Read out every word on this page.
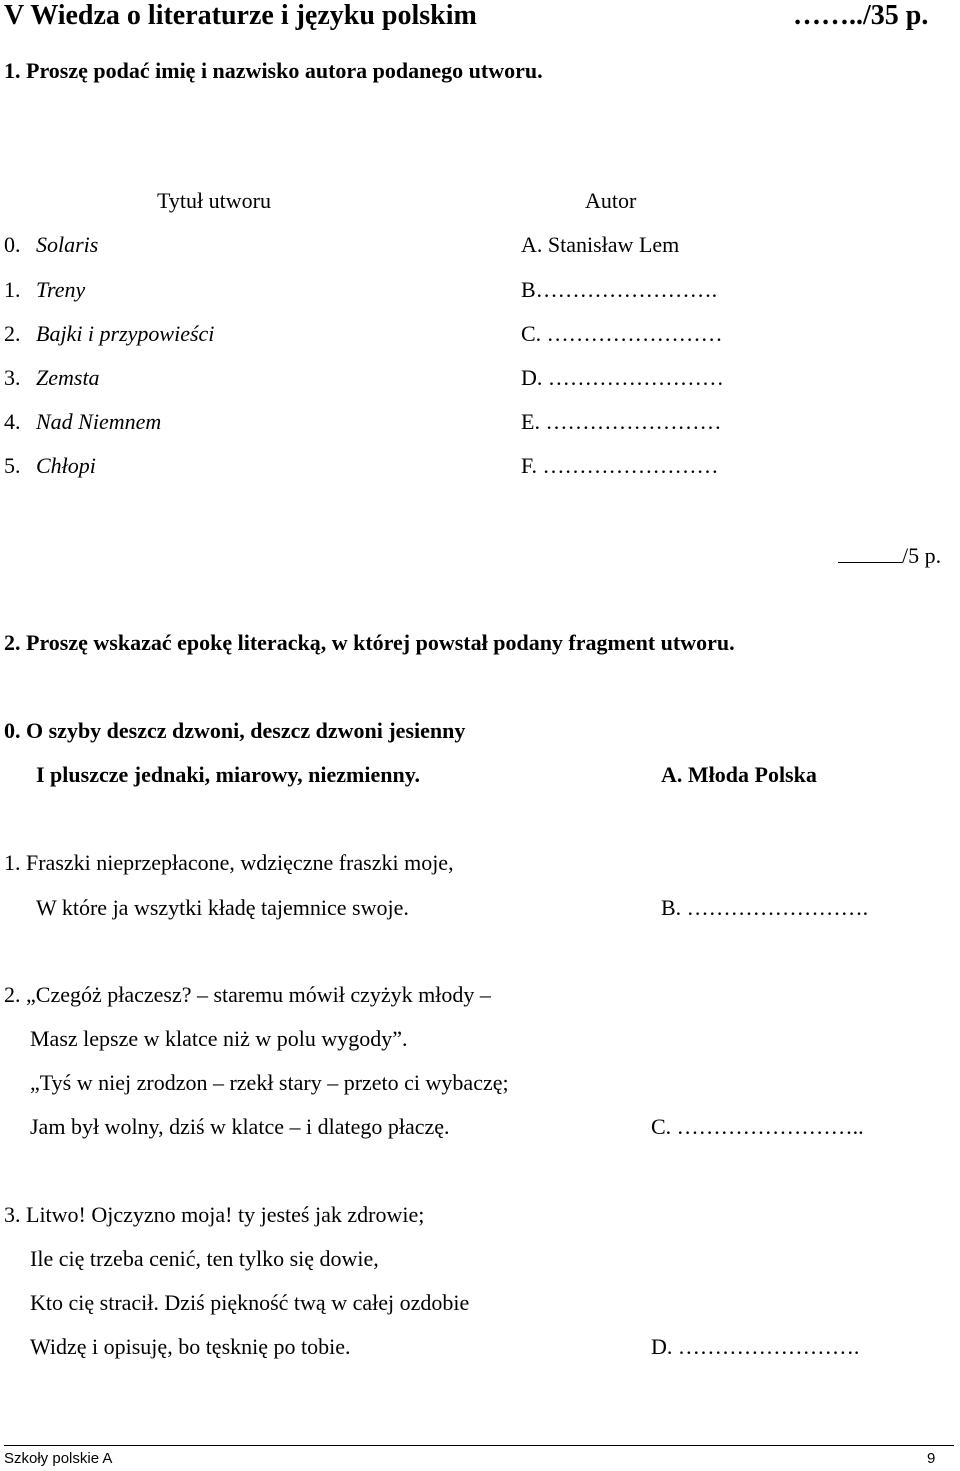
V Wiedza o literaturze i języku polskim	……../35 p.
1. Proszę podać imię i nazwisko autora podanego utworu.
Tytuł utworu	Autor
0. Solaris	A. Stanisław Lem
1. Treny	B…………………….
2. Bajki i przypowieści	C. ……………………
3. Zemsta	D. ……………………
4. Nad Niemnem	E. ……………………
5. Chłopi	F. ……………………
/5 p.
2. Proszę wskazać epokę literacką, w której powstał podany fragment utworu.
0. O szyby deszcz dzwoni, deszcz dzwoni jesienny
I pluszcze jednaki, miarowy, niezmienny.	A. Młoda Polska
1. Fraszki nieprzepłacone, wdzięczne fraszki moje,
W które ja wszytki kładę tajemnice swoje.	B. …………………….
2. „Czegóż płaczesz? – staremu mówił czyżyk młody –
Masz lepsze w klatce niż w polu wygody”.
„Tyś w niej zrodzon – rzekł stary – przeto ci wybaczę;
Jam był wolny, dziś w klatce – i dlatego płaczę.	C. ……………………..
3. Litwo! Ojczyzno moja! ty jesteś jak zdrowie;
Ile cię trzeba cenić, ten tylko się dowie,
Kto cię stracił. Dziś piękność twą w całej ozdobie
Widzę i opisuję, bo tęsknię po tobie.	D. …………………….
Szkoły polskie A	9
